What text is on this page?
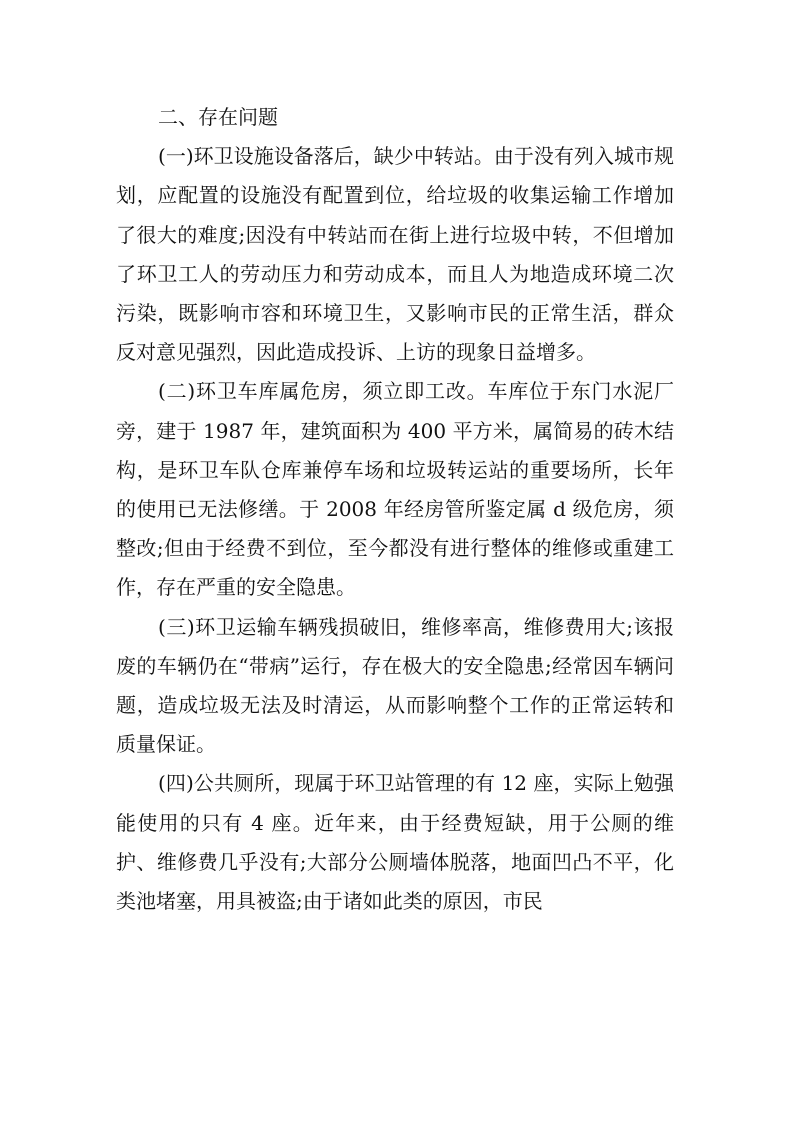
二、存在问题

(一)环卫设施设备落后，缺少中转站。由于没有列入城市规划，应配置的设施没有配置到位，给垃圾的收集运输工作增加了很大的难度;因没有中转站而在街上进行垃圾中转，不但增加了环卫工人的劳动压力和劳动成本，而且人为地造成环境二次污染，既影响市容和环境卫生，又影响市民的正常生活，群众反对意见强烈，因此造成投诉、上访的现象日益增多。

(二)环卫车库属危房，须立即工改。车库位于东门水泥厂旁，建于 1987 年，建筑面积为 400 平方米，属简易的砖木结构，是环卫车队仓库兼停车场和垃圾转运站的重要场所，长年的使用已无法修缮。于 2008 年经房管所鉴定属 d 级危房，须整改;但由于经费不到位，至今都没有进行整体的维修或重建工作，存在严重的安全隐患。

(三)环卫运输车辆残损破旧，维修率高，维修费用大;该报废的车辆仍在“带病”运行，存在极大的安全隐患;经常因车辆问题，造成垃圾无法及时清运，从而影响整个工作的正常运转和质量保证。

(四)公共厕所，现属于环卫站管理的有 12 座，实际上勉强能使用的只有 4 座。近年来，由于经费短缺，用于公厕的维护、维修费几乎没有;大部分公厕墙体脱落，地面凹凸不平，化类池堵塞，用具被盗;由于诸如此类的原因，市民
